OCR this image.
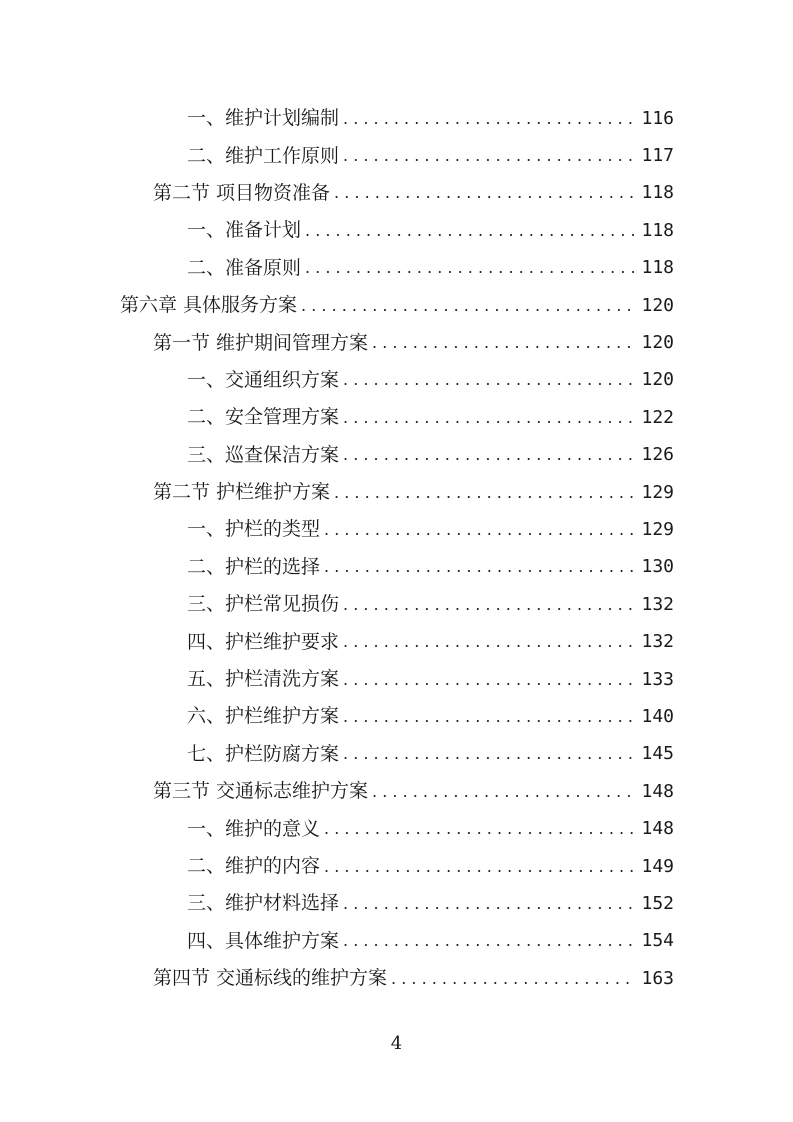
一、维护计划编制 . . .	116
二、维护工作原则 . . .	117
第二节 项目物资准备 . . .	118
一、准备计划 . . .	118
二、准备原则 . . .	118
第六章 具体服务方案 . . .	120
第一节 维护期间管理方案 . . .	120
一、交通组织方案 . . .	120
二、安全管理方案 . . .	122
三、巡查保洁方案 . . .	126
第二节 护栏维护方案 . . .	129
一、护栏的类型 . . .	129
二、护栏的选择 . . .	130
三、护栏常见损伤 . . .	132
四、护栏维护要求 . . .	132
五、护栏清洗方案 . . .	133
六、护栏维护方案 . . .	140
七、护栏防腐方案 . . .	145
第三节 交通标志维护方案 . . .	148
一、维护的意义 . . .	148
二、维护的内容 . . .	149
三、维护材料选择 . . .	152
四、具体维护方案 . . .	154
第四节 交通标线的维护方案 . . .	163
4
